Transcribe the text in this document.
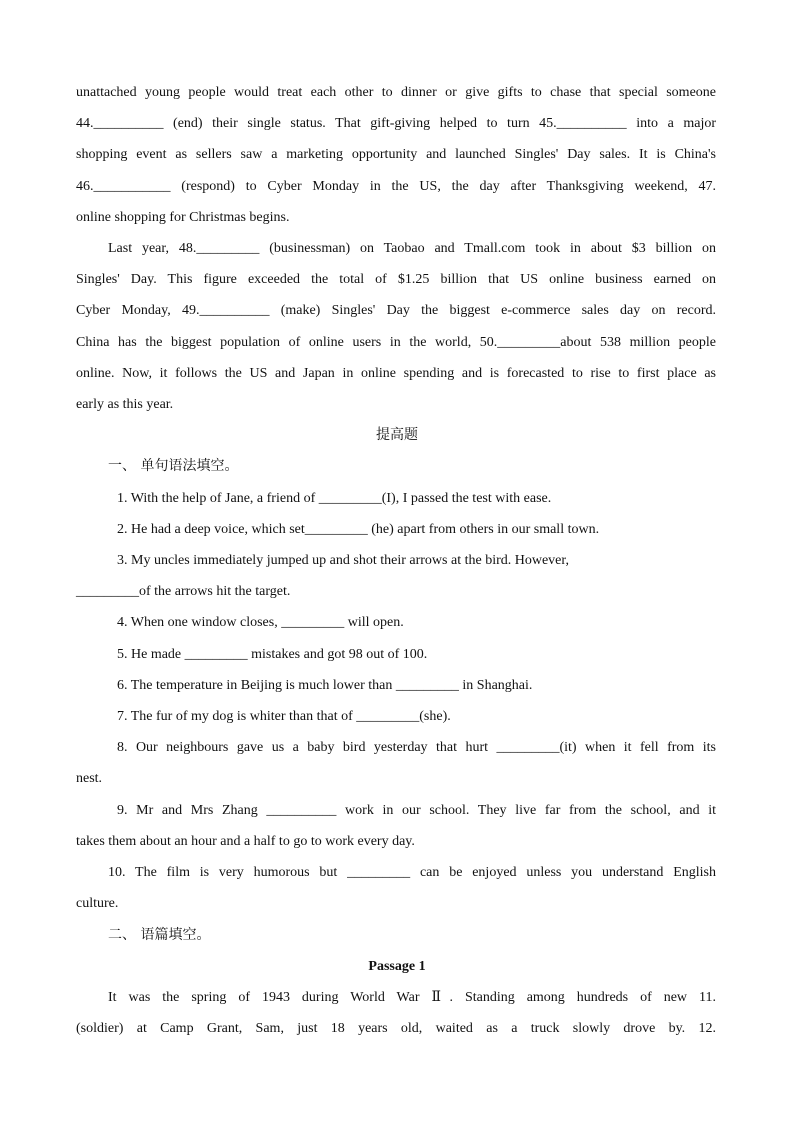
unattached young people would treat each other to dinner or give gifts to chase that special someone
44.__________ (end) their single status. That gift-giving helped to turn 45.__________ into a major
shopping event as sellers saw a marketing opportunity and launched Singles' Day sales. It is China's
46.___________ (respond) to Cyber Monday in the US, the day after Thanksgiving weekend, 47.
online shopping for Christmas begins.
Last year, 48._________ (businessman) on Taobao and Tmall.com took in about $3 billion on
Singles' Day. This figure exceeded the total of $1.25 billion that US online business earned on
Cyber Monday, 49.__________ (make) Singles' Day the biggest e-commerce sales day on record.
China has the biggest population of online users in the world, 50._________about 538 million people
online. Now, it follows the US and Japan in online spending and is forecasted to rise to first place as
early as this year.
提高题
一、 单句语法填空。
1. With the help of Jane, a friend of _________(I), I passed the test with ease.
2. He had a deep voice, which set_________ (he) apart from others in our small town.
3. My uncles immediately jumped up and shot their arrows at the bird. However,
_________of the arrows hit the target.
4. When one window closes, _________ will open.
5. He made _________ mistakes and got 98 out of 100.
6. The temperature in Beijing is much lower than _________ in Shanghai.
7. The fur of my dog is whiter than that of _________(she).
8. Our neighbours gave us a baby bird yesterday that hurt _________(it) when it fell from its
nest.
9. Mr and Mrs Zhang __________ work in our school. They live far from the school, and it
takes them about an hour and a half to go to work every day.
10. The film is very humorous but _________ can be enjoyed unless you understand English
culture.
二、 语篇填空。
Passage 1
It was the spring of 1943 during World War Ⅱ. Standing among hundreds of new 11.
(soldier) at Camp Grant, Sam, just 18 years old, waited as a truck slowly drove by. 12.
